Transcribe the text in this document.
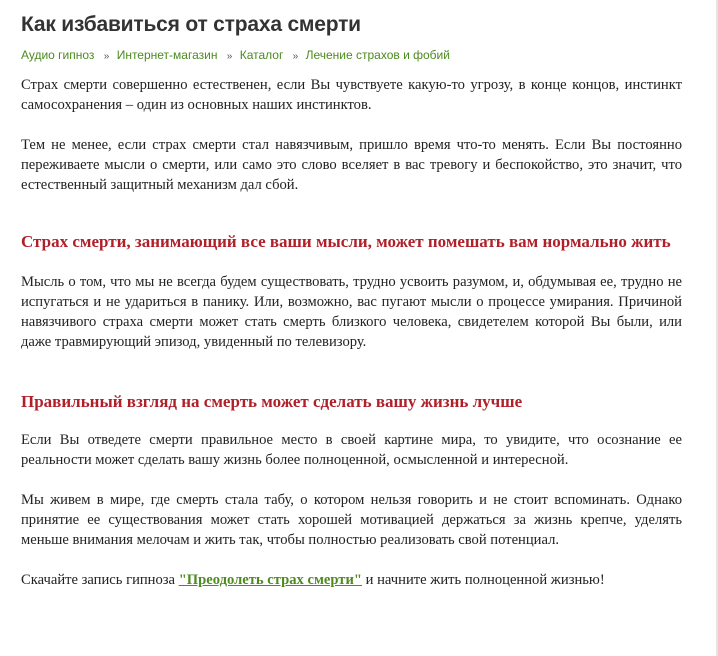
Как избавиться от страха смерти
Аудио гипноз » Интернет-магазин » Каталог » Лечение страхов и фобий

Страх смерти совершенно естественен, если Вы чувствуете какую-то угрозу, в конце концов, инстинкт самосохранения – один из основных наших инстинктов.

Тем не менее, если страх смерти стал навязчивым, пришло время что-то менять. Если Вы постоянно переживаете мысли о смерти, или само это слово вселяет в вас тревогу и беспокойство, это значит, что естественный защитный механизм дал сбой.

Страх смерти, занимающий все ваши мысли, может помешать вам нормально жить

Мысль о том, что мы не всегда будем существовать, трудно усвоить разумом, и, обдумывая ее, трудно не испугаться и не удариться в панику. Или, возможно, вас пугают мысли о процессе умирания. Причиной навязчивого страха смерти может стать смерть близкого человека, свидетелем которой Вы были, или даже травмирующий эпизод, увиденный по телевизору.

Правильный взгляд на смерть может сделать вашу жизнь лучше

Если Вы отведете смерти правильное место в своей картине мира, то увидите, что осознание ее реальности может сделать вашу жизнь более полноценной, осмысленной и интересной.

Мы живем в мире, где смерть стала табу, о котором нельзя говорить и не стоит вспоминать. Однако принятие ее существования может стать хорошей мотивацией держаться за жизнь крепче, уделять меньше внимания мелочам и жить так, чтобы полностью реализовать свой потенциал.

Скачайте запись гипноза "Преодолеть страх смерти" и начните жить полноценной жизнью!
